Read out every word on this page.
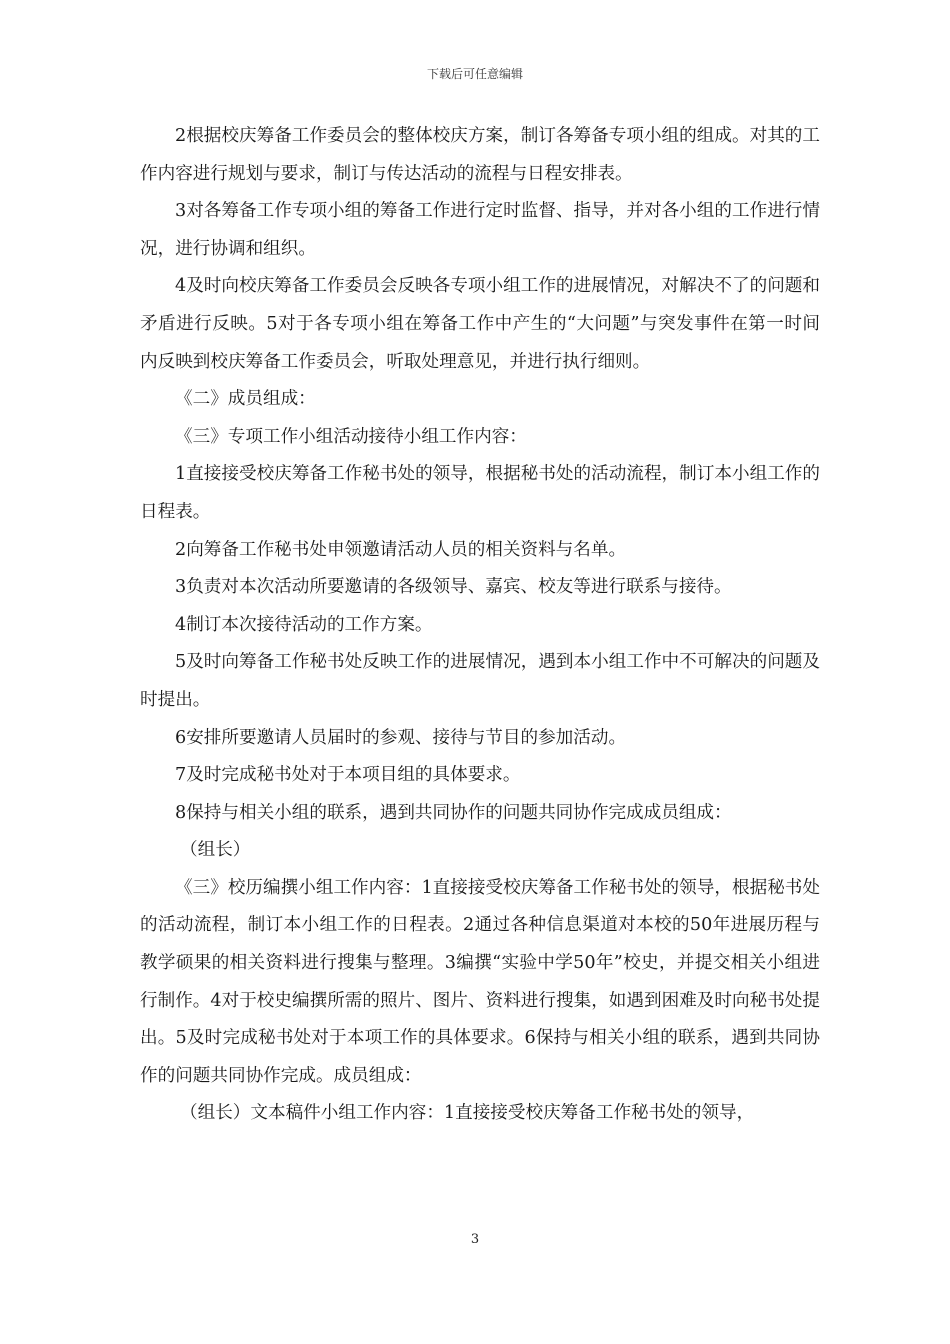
下载后可任意编辑

2根据校庆筹备工作委员会的整体校庆方案，制订各筹备专项小组的组成。对其的工作内容进行规划与要求，制订与传达活动的流程与日程安排表。

3对各筹备工作专项小组的筹备工作进行定时监督、指导，并对各小组的工作进行情况，进行协调和组织。

4及时向校庆筹备工作委员会反映各专项小组工作的进展情况，对解决不了的问题和矛盾进行反映。5对于各专项小组在筹备工作中产生的“大问题”与突发事件在第一时间内反映到校庆筹备工作委员会，听取处理意见，并进行执行细则。

《二》成员组成：

《三》专项工作小组活动接待小组工作内容：

1直接接受校庆筹备工作秘书处的领导，根据秘书处的活动流程，制订本小组工作的日程表。

2向筹备工作秘书处申领邀请活动人员的相关资料与名单。

3负责对本次活动所要邀请的各级领导、嘉宾、校友等进行联系与接待。

4制订本次接待活动的工作方案。

5及时向筹备工作秘书处反映工作的进展情况，遇到本小组工作中不可解决的问题及时提出。

6安排所要邀请人员届时的参观、接待与节目的参加活动。

7及时完成秘书处对于本项目组的具体要求。

8保持与相关小组的联系，遇到共同协作的问题共同协作完成成员组成：

（组长）

《三》校历编撰小组工作内容：1直接接受校庆筹备工作秘书处的领导，根据秘书处的活动流程，制订本小组工作的日程表。2通过各种信息渠道对本校的50年进展历程与教学硕果的相关资料进行搜集与整理。3编撰“实验中学50年”校史，并提交相关小组进行制作。4对于校史编撰所需的照片、图片、资料进行搜集，如遇到困难及时向秘书处提出。5及时完成秘书处对于本项工作的具体要求。6保持与相关小组的联系，遇到共同协作的问题共同协作完成。成员组成：

（组长）文本稿件小组工作内容：1直接接受校庆筹备工作秘书处的领导，

3
